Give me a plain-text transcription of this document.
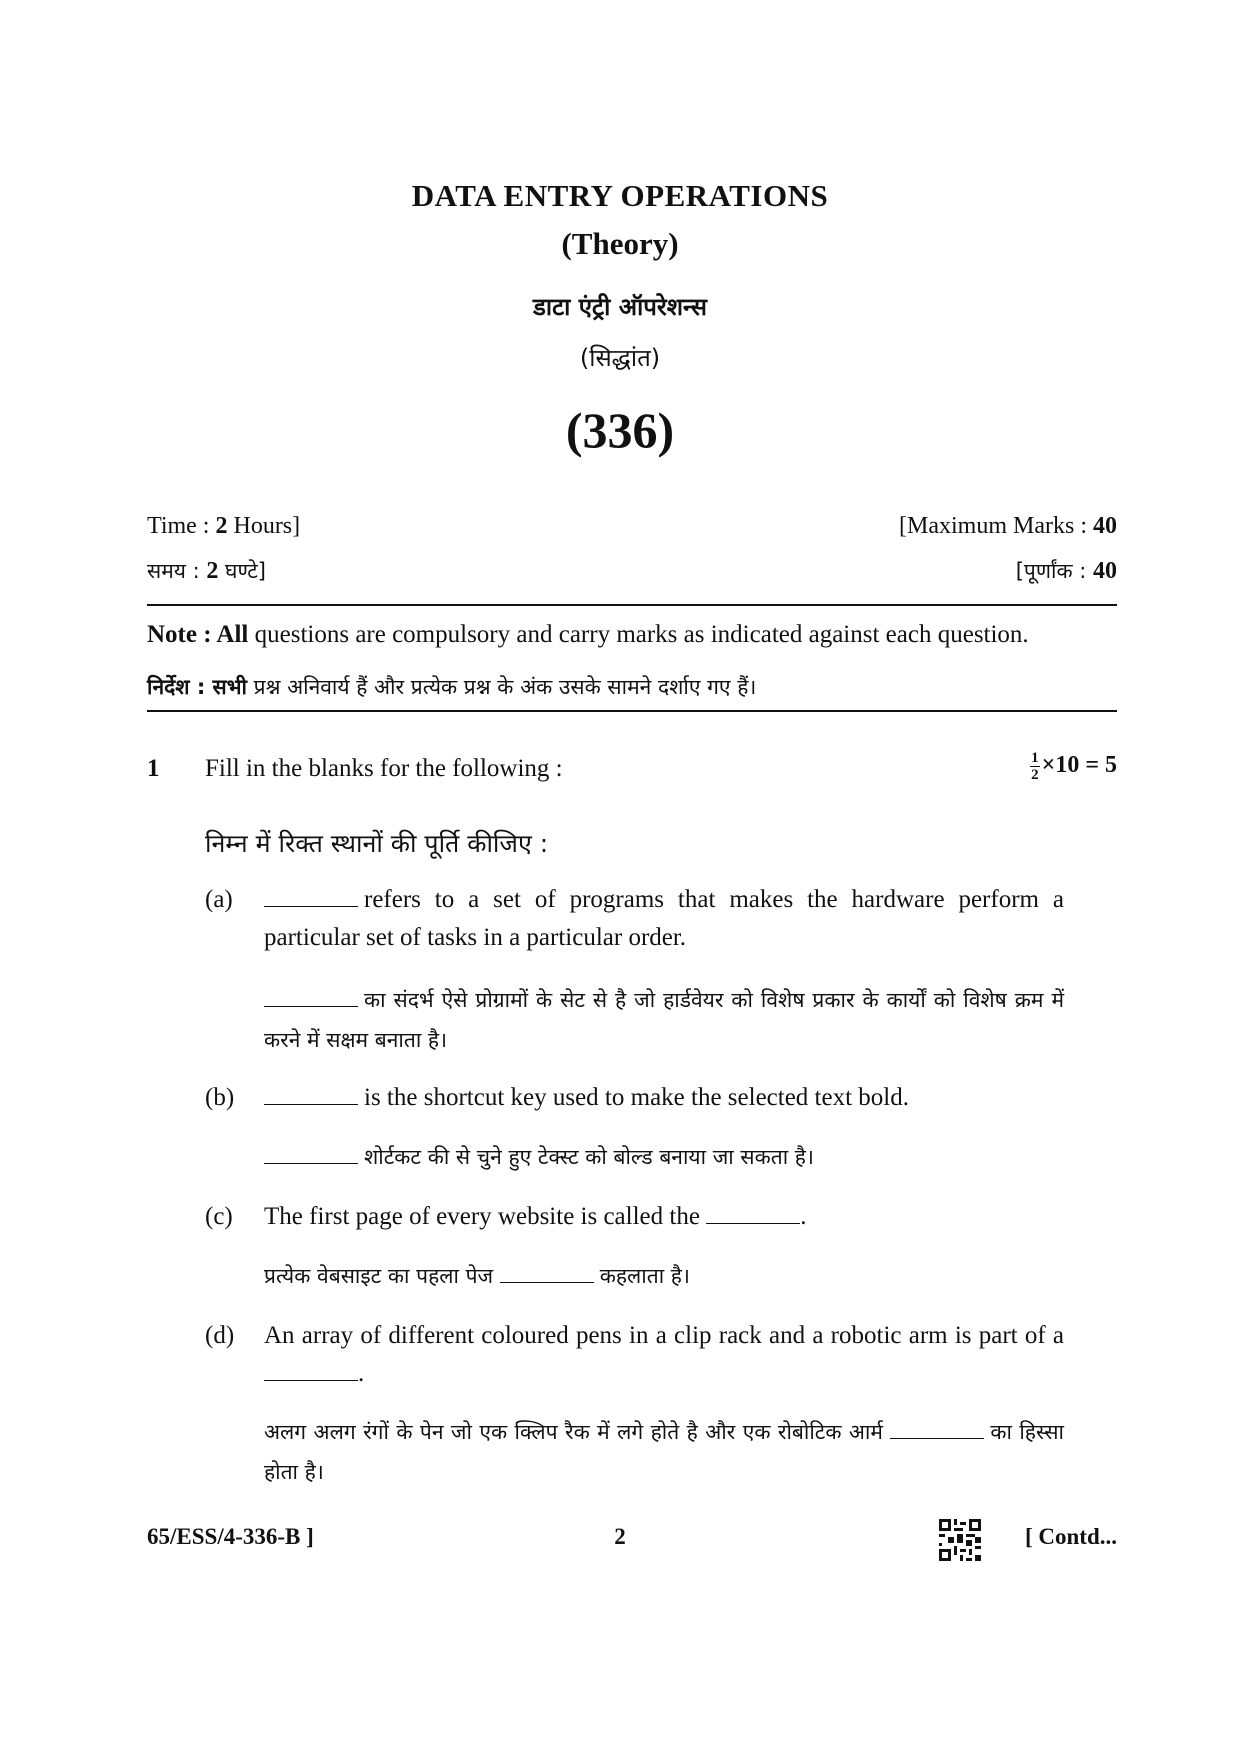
DATA ENTRY OPERATIONS
(Theory)
डाटा एंट्री ऑपरेशन्स
(सिद्धांत)
(336)
Time : 2 Hours]	[Maximum Marks : 40
समय : 2 घण्टे]	[पूर्णांक : 40
Note : All questions are compulsory and carry marks as indicated against each question.
निर्देश : सभी प्रश्न अनिवार्य हैं और प्रत्येक प्रश्न के अंक उसके सामने दर्शाए गए हैं।
1 Fill in the blanks for the following :	$\frac{1}{2} \times 10 = 5$
निम्न में रिक्त स्थानों की पूर्ति कीजिए :
(a)	refers to a set of programs that makes the hardware perform a particular set of tasks in a particular order.
का संदर्भ ऐसे प्रोग्रामों के सेट से है जो हार्डवेयर को विशेष प्रकार के कार्यों को विशेष क्रम में करने में सक्षम बनाता है।
(b)	is the shortcut key used to make the selected text bold.
शोर्टकट की से चुने हुए टेक्स्ट को बोल्ड बनाया जा सकता है।
(c) The first page of every website is called the	.
प्रत्येक वेबसाइट का पहला पेज	कहलाता है।
(d) An array of different coloured pens in a clip rack and a robotic arm is part of a .
अलग अलग रंगों के पेन जो एक क्लिप रैक में लगे होते है और एक रोबोटिक आर्म	का हिस्सा होता है।
65/ESS/4-336-B ]	2	[ Contd...
